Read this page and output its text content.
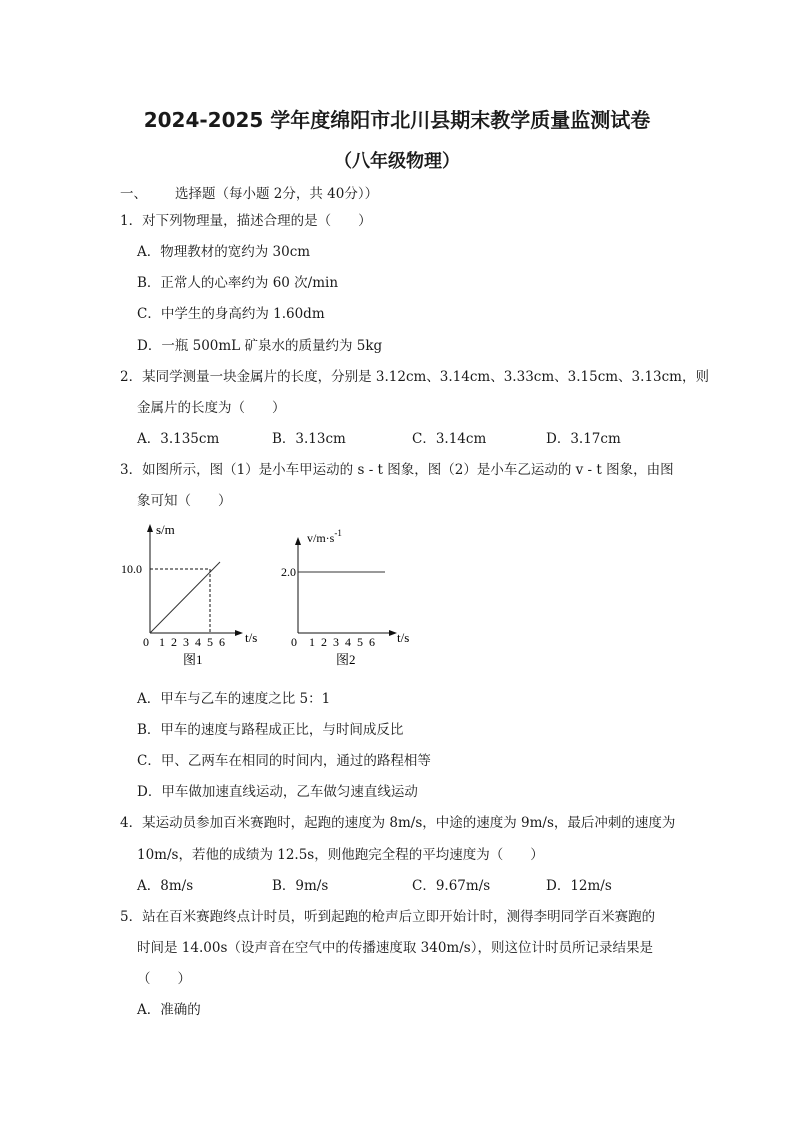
2024-2025 学年度绵阳市北川县期末教学质量监测试卷
（八年级物理）
一、 选择题（每小题 2分，共 40分））
1．对下列物理量，描述合理的是（　　）
A．物理教材的宽约为 30cm
B．正常人的心率约为 60 次/min
C．中学生的身高约为 1.60dm
D．一瓶 500mL 矿泉水的质量约为 5kg
2．某同学测量一块金属片的长度，分别是 3.12cm、3.14cm、3.33cm、3.15cm、3.13cm，则
金属片的长度为（　　）
A．3.135cm	B．3.13cm	C．3.14cm	D．3.17cm
3．如图所示，图（1）是小车甲运动的 s - t 图象，图（2）是小车乙运动的 v - t 图象，由图
象可知（　　）
s/m
10.0
t/s
0 1 2 3 4 5 6
图1
$v/m\cdot s^{-1}$
2.0
t/s
0 1 2 3 4 5 6
图2
A．甲车与乙车的速度之比 5：1
B．甲车的速度与路程成正比，与时间成反比
C．甲、乙两车在相同的时间内，通过的路程相等
D．甲车做加速直线运动，乙车做匀速直线运动
4．某运动员参加百米赛跑时，起跑的速度为 8m/s，中途的速度为 9m/s，最后冲刺的速度为
10m/s，若他的成绩为 12.5s，则他跑完全程的平均速度为（　　）
A．8m/s	B．9m/s	C．9.67m/s	D．12m/s
5．站在百米赛跑终点计时员，听到起跑的枪声后立即开始计时，测得李明同学百米赛跑的
时间是 14.00s（设声音在空气中的传播速度取 340m/s），则这位计时员所记录结果是
（　　）
A．准确的
